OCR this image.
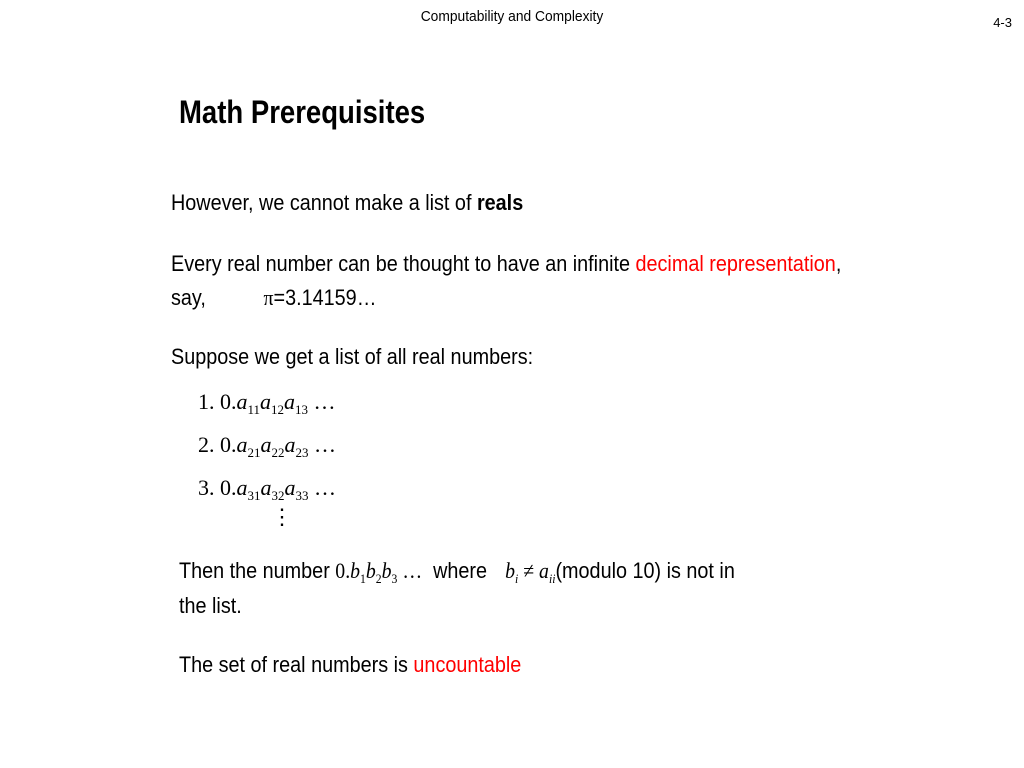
Computability and Complexity	4-3
Math Prerequisites
However, we cannot make a list of reals
Every real number can be thought to have an infinite decimal representation,
say,	π=3.14159…
Suppose we get a list of all real numbers:
1. $0.a_{11}a_{12}a_{13}$ …
2. $0.a_{21}a_{22}a_{23}$ …
3. $0.a_{31}a_{32}a_{33}$ …
⋮
Then the number $0.b_1b_2b_3$ … where $b_i$ ≠ $a_{ii}(modulo$ 10) is not in
the list.
The set of real numbers is uncountable
